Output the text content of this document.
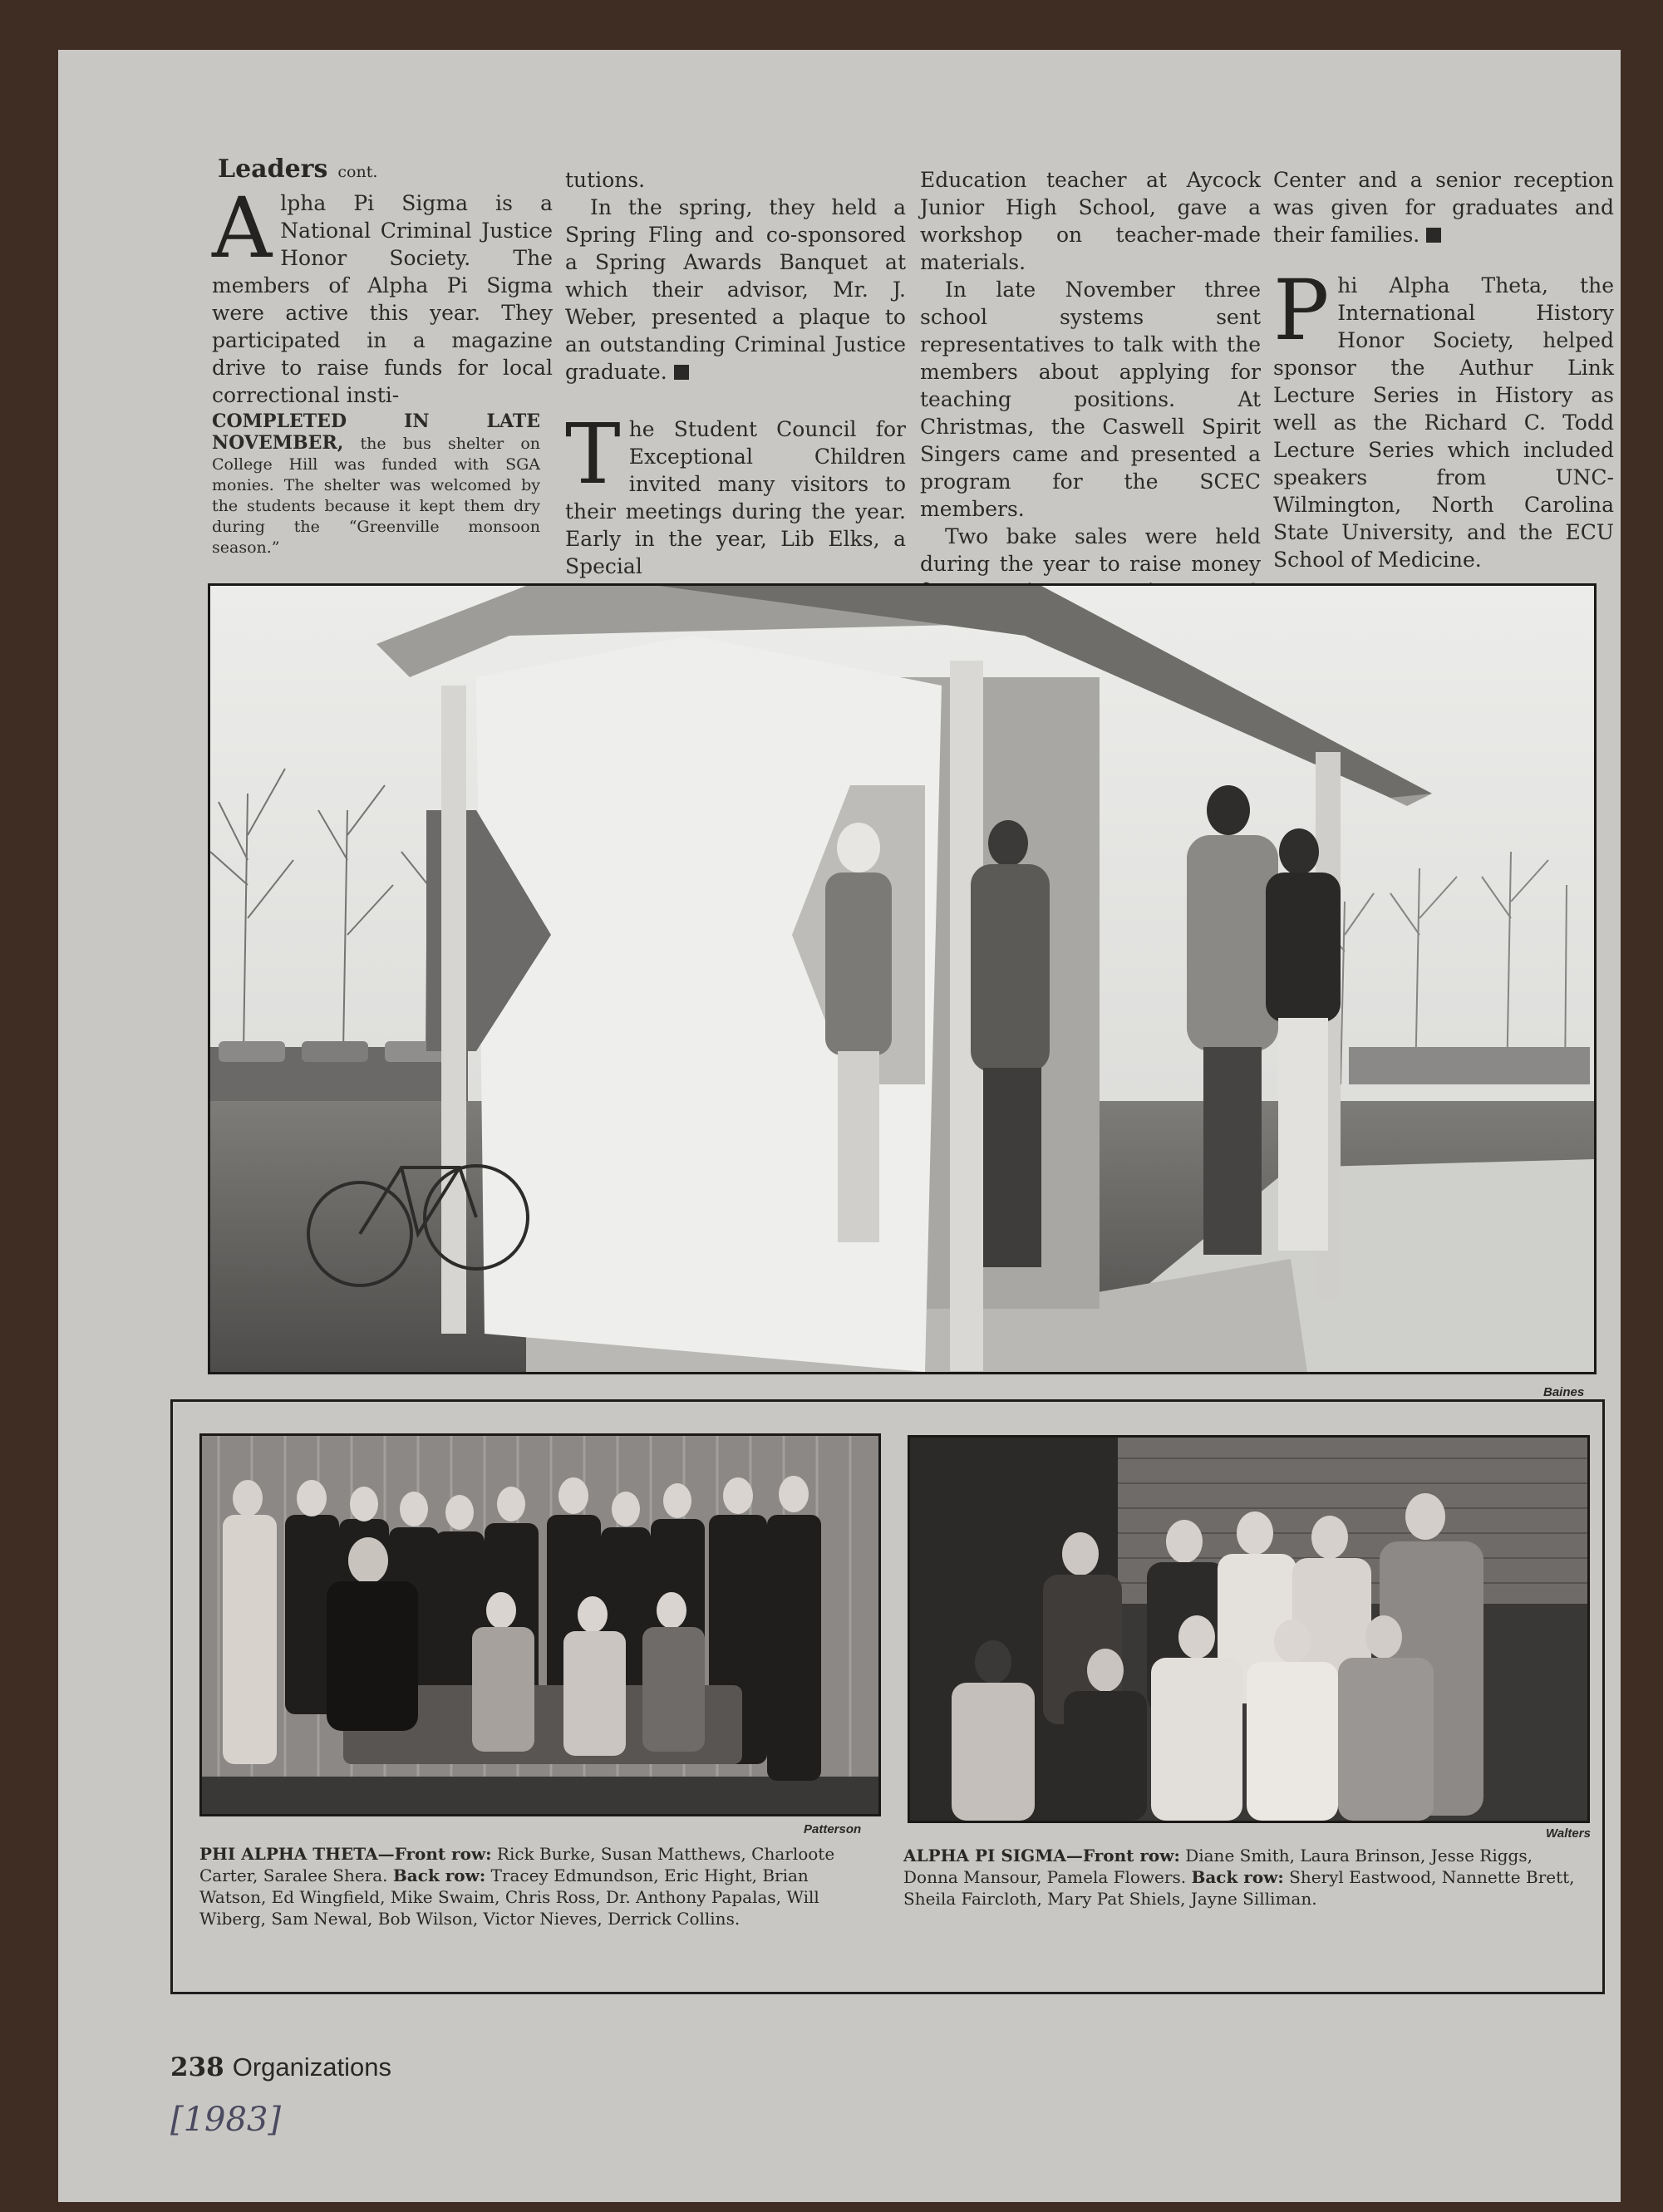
Leaders cont.

Alpha Pi Sigma is a National Criminal Justice Honor Society. The members of Alpha Pi Sigma were active this year. They participated in a magazine drive to raise funds for local correctional insti-

COMPLETED IN LATE NOVEMBER, the bus shelter on College Hill was funded with SGA monies. The shelter was welcomed by the students because it kept them dry during the “Greenville monsoon season.”

tutions.

In the spring, they held a Spring Fling and co-sponsored a Spring Awards Banquet at which their advisor, Mr. J. Weber, presented a plaque to an outstanding Criminal Justice graduate.

The Student Council for Exceptional Children invited many visitors to their meetings during the year. Early in the year, Lib Elks, a Special

Education teacher at Aycock Junior High School, gave a workshop on teacher-made materials.

In late November three school systems sent representatives to talk with the members about applying for teaching positions. At Christmas, the Caswell Spirit Singers came and presented a program for the SCEC members.

Two bake sales were held during the year to raise money

Center and a senior reception was given for graduates and their families.

Phi Alpha Theta, the International History Honor Society, helped sponsor the Authur Link Lecture Series in History as well as the Richard C. Todd Lecture Series which included speakers from UNC-Wilmington, North Carolina State University, and the ECU School of Medicine.

Baines
Patterson	Walters
PHI ALPHA THETA—Front row: Rick Burke, Susan Matthews, Charloote Carter, Saralee Shera. Back row: Tracey Edmundson, Eric Hight, Brian Watson, Ed Wingfield, Mike Swaim, Chris Ross, Dr. Anthony Papalas, Will Wiberg, Sam Newal, Bob Wilson, Victor Nieves, Derrick Collins.
ALPHA PI SIGMA—Front row: Diane Smith, Laura Brinson, Jesse Riggs, Donna Mansour, Pamela Flowers. Back row: Sheryl Eastwood, Nannette Brett, Sheila Faircloth, Mary Pat Shiels, Jayne Silliman.
238 Organizations
[1983]
